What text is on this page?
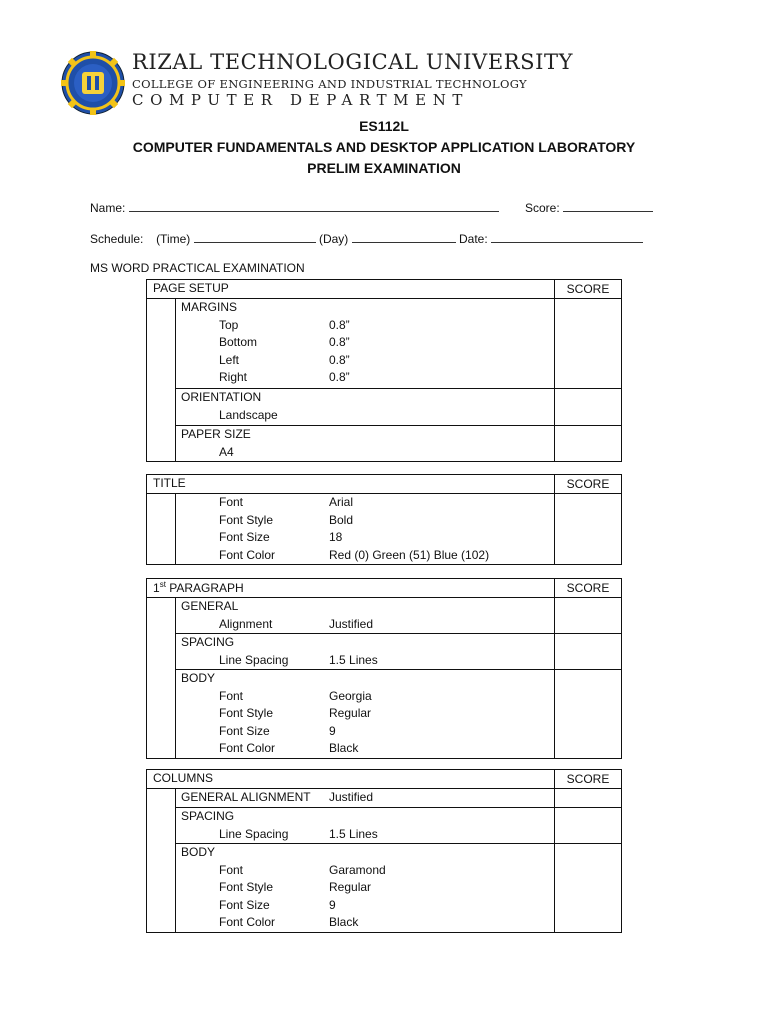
RIZAL TECHNOLOGICAL UNIVERSITY
COLLEGE OF ENGINEERING AND INDUSTRIAL TECHNOLOGY
COMPUTER DEPARTMENT
ES112L
COMPUTER FUNDAMENTALS AND DESKTOP APPLICATION LABORATORY
PRELIM EXAMINATION
Name:	Score:
Schedule: (Time)	(Day)	Date:
MS WORD PRACTICAL EXAMINATION
PAGE SETUP	SCORE
MARGINS
Top	0.8”
Bottom	0.8”
Left	0.8”
Right	0.8”
ORIENTATION
Landscape
PAPER SIZE
A4
TITLE	SCORE
Font	Arial
Font Style	Bold
Font Size	18
Font Color	Red (0) Green (51) Blue (102)
1st PARAGRAPH	SCORE
GENERAL
Alignment	Justified
SPACING
Line Spacing	1.5 Lines
BODY
Font	Georgia
Font Style	Regular
Font Size	9
Font Color	Black
COLUMNS	SCORE
GENERAL ALIGNMENT Justified
SPACING
Line Spacing	1.5 Lines
BODY
Font	Garamond
Font Style	Regular
Font Size	9
Font Color	Black
